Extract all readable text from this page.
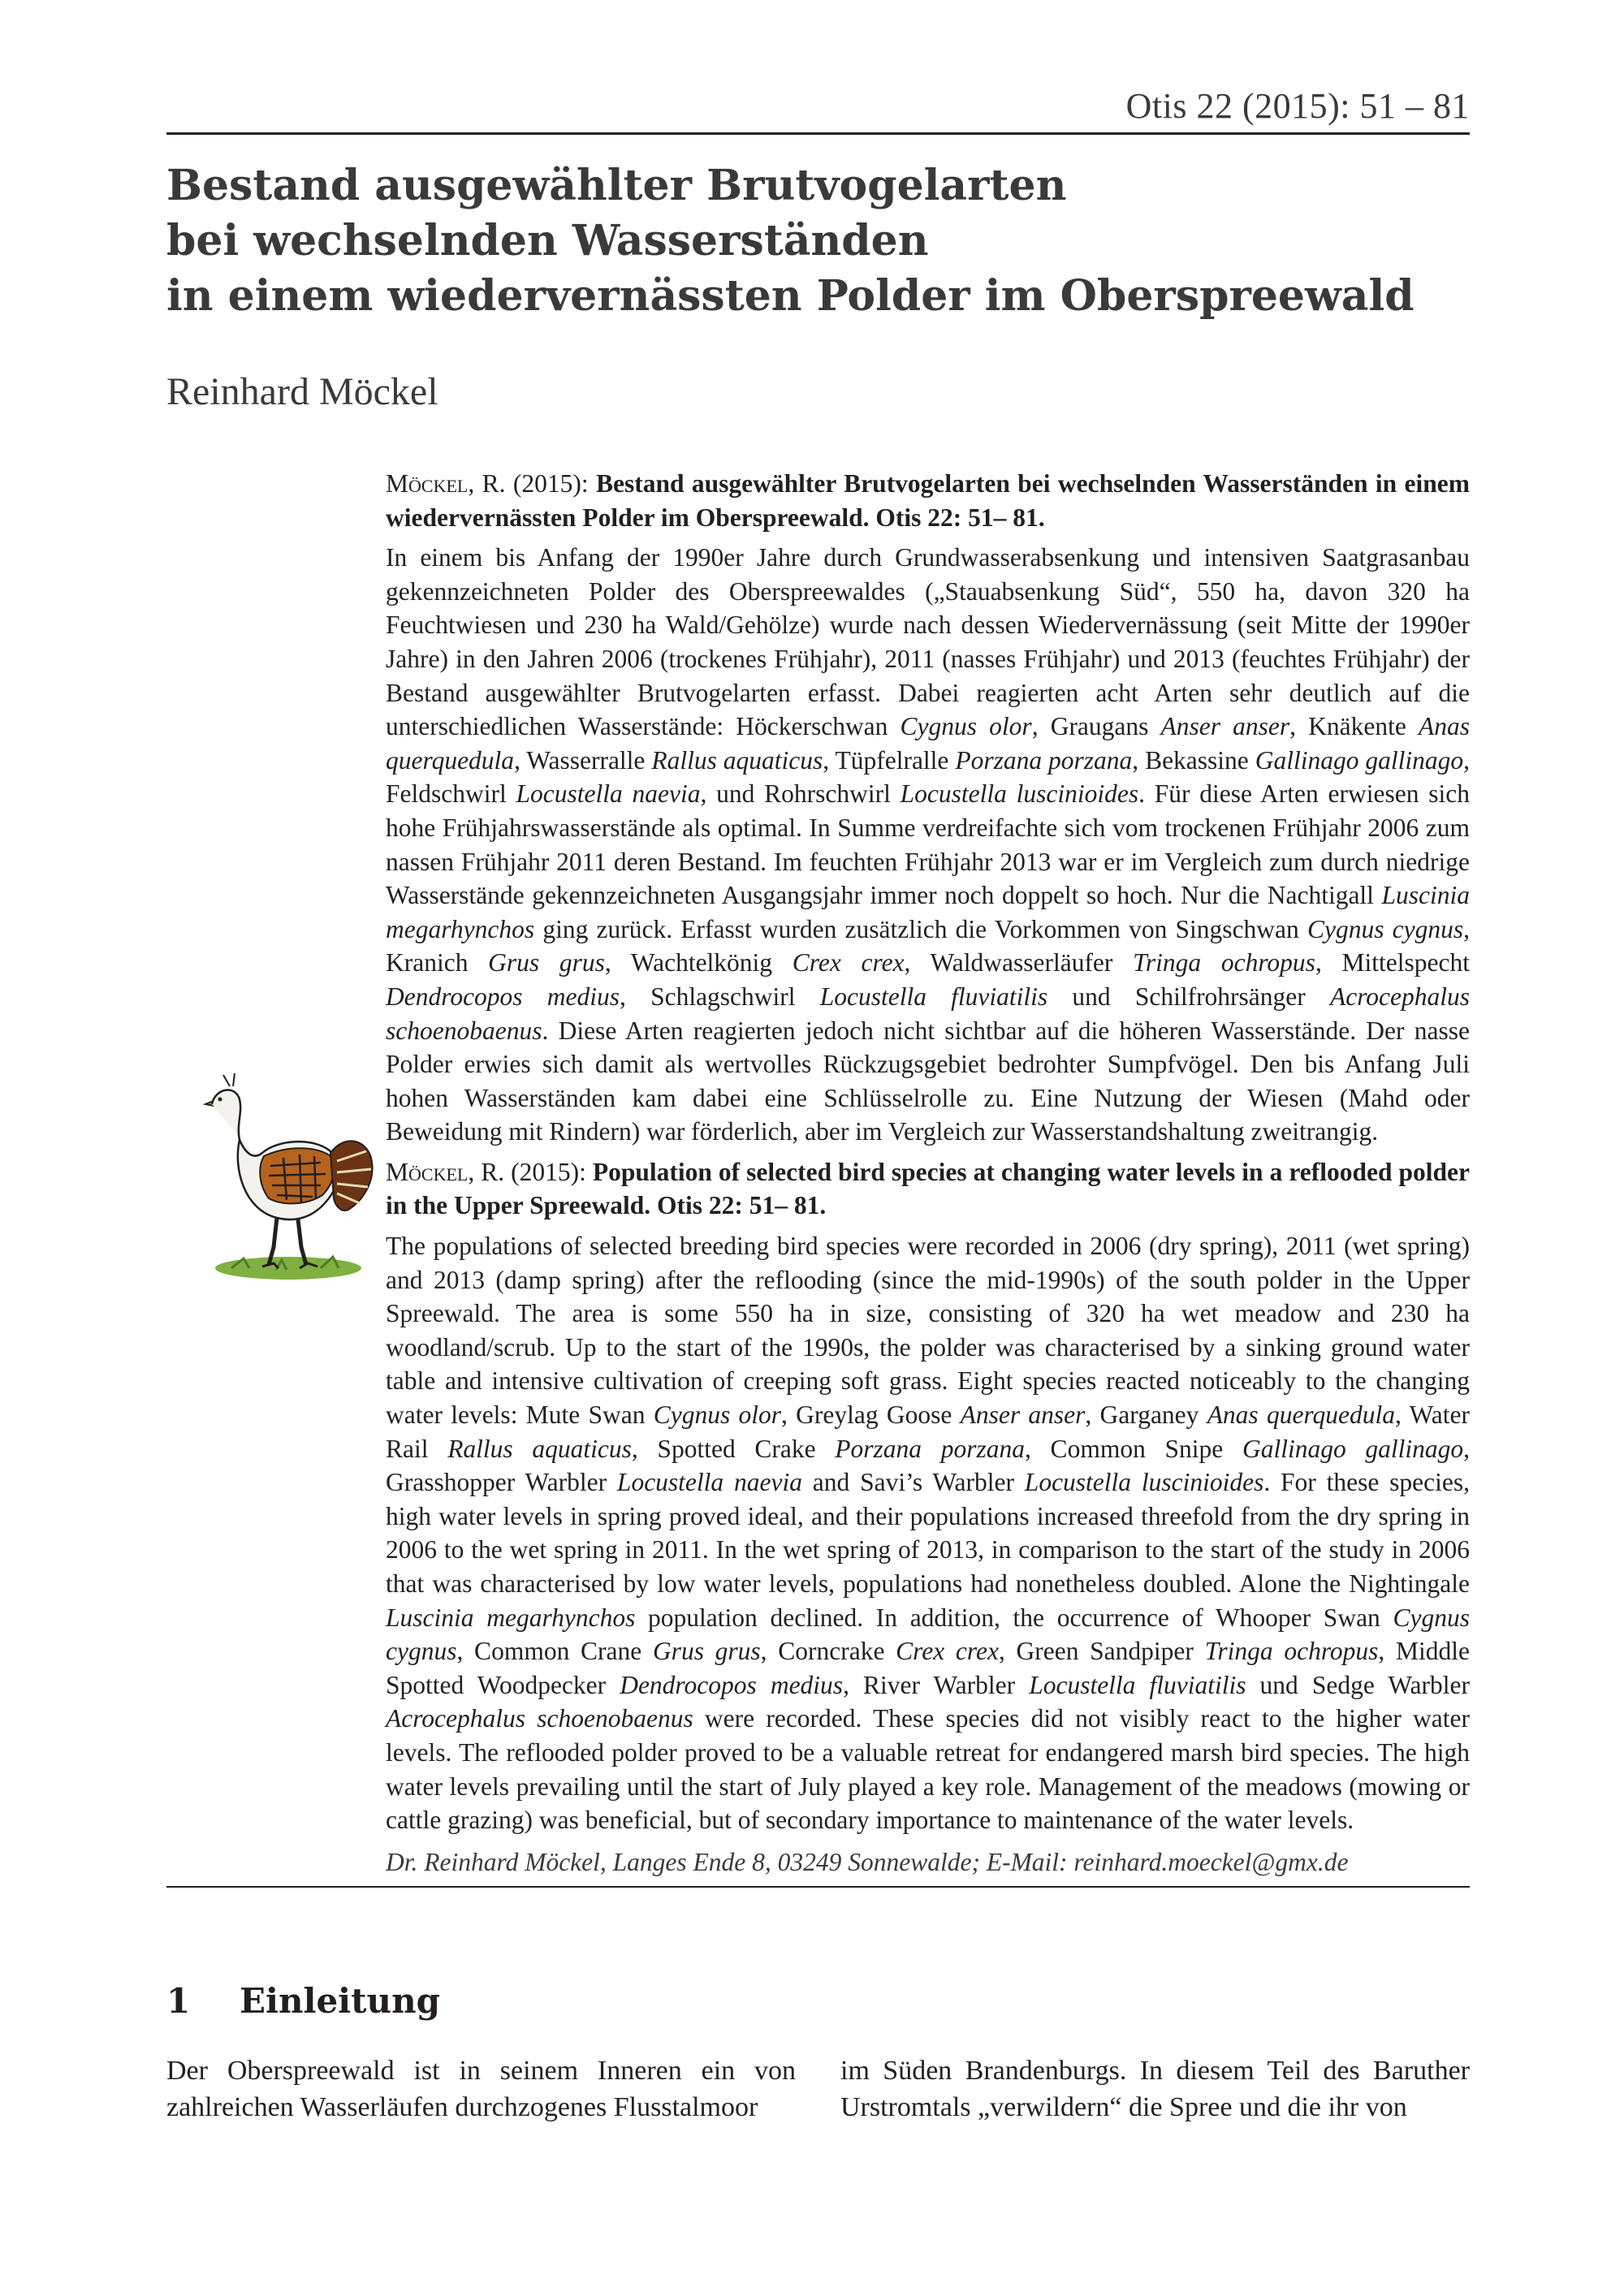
Otis 22 (2015): 51 – 81
Bestand ausgewählter Brutvogelarten
bei wechselnden Wasserständen
in einem wiedervernässten Polder im Oberspreewald
Reinhard Möckel

Möckel, R. (2015): Bestand ausgewählter Brutvogelarten bei wechselnden Wasserständen in einem wiedervernässten Polder im Oberspreewald. Otis 22: 51– 81.

In einem bis Anfang der 1990er Jahre durch Grundwasserabsenkung und intensiven Saatgrasanbau gekennzeichneten Polder des Oberspreewaldes („Stauabsenkung Süd“, 550 ha, davon 320 ha Feuchtwiesen und 230 ha Wald/Gehölze) wurde nach dessen Wiedervernässung (seit Mitte der 1990er Jahre) in den Jahren 2006 (trockenes Frühjahr), 2011 (nasses Frühjahr) und 2013 (feuchtes Frühjahr) der Bestand ausgewählter Brutvogelarten erfasst. Dabei reagierten acht Arten sehr deutlich auf die unterschiedlichen Wasserstände: Höckerschwan Cygnus olor, Graugans Anser anser, Knäkente Anas querquedula, Wasserralle Rallus aquaticus, Tüpfelralle Porzana porzana, Bekassine Gallinago gallinago, Feldschwirl Locustella naevia, und Rohrschwirl Locustella luscinioides. Für diese Arten erwiesen sich hohe Frühjahrswasserstände als optimal. In Summe verdreifachte sich vom trockenen Frühjahr 2006 zum nassen Frühjahr 2011 deren Bestand. Im feuchten Frühjahr 2013 war er im Vergleich zum durch niedrige Wasserstände gekennzeichneten Ausgangsjahr immer noch doppelt so hoch. Nur die Nachtigall Luscinia megarhynchos ging zurück. Erfasst wurden zusätzlich die Vorkommen von Singschwan Cygnus cygnus, Kranich Grus grus, Wachtelkönig Crex crex, Waldwasserläufer Tringa ochropus, Mittelspecht Dendrocopos medius, Schlagschwirl Locustella fluviatilis und Schilfrohrsänger Acrocephalus schoenobaenus. Diese Arten reagierten jedoch nicht sichtbar auf die höheren Wasserstände. Der nasse Polder erwies sich damit als wertvolles Rückzugsgebiet bedrohter Sumpfvögel. Den bis Anfang Juli hohen Wasserständen kam dabei eine Schlüsselrolle zu. Eine Nutzung der Wiesen (Mahd oder Beweidung mit Rindern) war förderlich, aber im Vergleich zur Wasserstandshaltung zweitrangig.

Möckel, R. (2015): Population of selected bird species at changing water levels in a reflooded polder in the Upper Spreewald. Otis 22: 51– 81.

The populations of selected breeding bird species were recorded in 2006 (dry spring), 2011 (wet spring) and 2013 (damp spring) after the reflooding (since the mid-1990s) of the south polder in the Upper Spreewald. The area is some 550 ha in size, consisting of 320 ha wet meadow and 230 ha woodland/scrub. Up to the start of the 1990s, the polder was characterised by a sinking ground water table and intensive cultivation of creeping soft grass. Eight species reacted noticeably to the changing water levels: Mute Swan Cygnus olor, Greylag Goose Anser anser, Garganey Anas querquedula, Water Rail Rallus aquaticus, Spotted Crake Porzana porzana, Common Snipe Gallinago gallinago, Grasshopper Warbler Locustella naevia and Savi’s Warbler Locustella luscinioides. For these species, high water levels in spring proved ideal, and their populations increased threefold from the dry spring in 2006 to the wet spring in 2011. In the wet spring of 2013, in comparison to the start of the study in 2006 that was characterised by low water levels, populations had nonetheless doubled. Alone the Nightingale Luscinia megarhynchos population declined. In addition, the occurrence of Whooper Swan Cygnus cygnus, Common Crane Grus grus, Corncrake Crex crex, Green Sandpiper Tringa ochropus, Middle Spotted Woodpecker Dendrocopos medius, River Warbler Locustella fluviatilis und Sedge Warbler Acrocephalus schoenobaenus were recorded. These species did not visibly react to the higher water levels. The reflooded polder proved to be a valuable retreat for endangered marsh bird species. The high water levels prevailing until the start of July played a key role. Management of the meadows (mowing or cattle grazing) was beneficial, but of secondary importance to maintenance of the water levels.

Dr. Reinhard Möckel, Langes Ende 8, 03249 Sonnewalde; E-Mail: reinhard.moeckel@gmx.de

1 Einleitung

Der Oberspreewald ist in seinem Inneren ein von zahlreichen Wasserläufen durchzogenes Flusstalmoor

im Süden Brandenburgs. In diesem Teil des Baruther Urstromtals „verwildern“ die Spree und die ihr von
